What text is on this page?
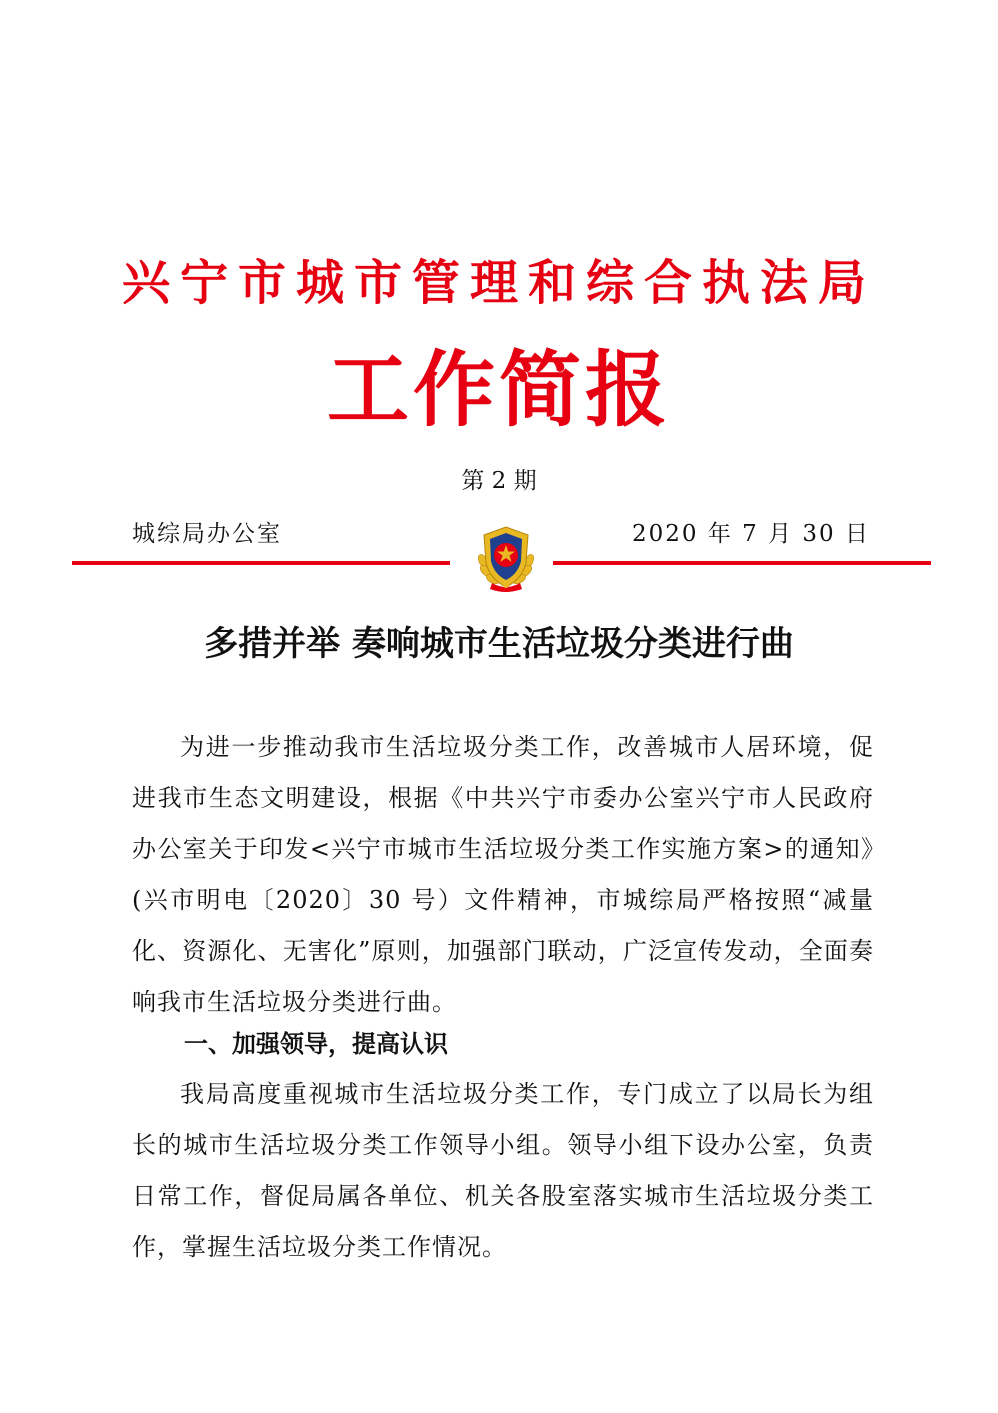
兴宁市城市管理和综合执法局
工作简报
第 2 期
城综局办公室	2020 年 7 月 30 日
多措并举 奏响城市生活垃圾分类进行曲
为进一步推动我市生活垃圾分类工作，改善城市人居环境，促进我市生态文明建设，根据《中共兴宁市委办公室兴宁市人民政府办公室关于印发<兴宁市城市生活垃圾分类工作实施方案>的通知》(兴市明电〔2020〕30 号）文件精神，市城综局严格按照“减量化、资源化、无害化”原则，加强部门联动，广泛宣传发动，全面奏响我市生活垃圾分类进行曲。
一、加强领导，提高认识
我局高度重视城市生活垃圾分类工作，专门成立了以局长为组长的城市生活垃圾分类工作领导小组。领导小组下设办公室，负责日常工作，督促局属各单位、机关各股室落实城市生活垃圾分类工作，掌握生活垃圾分类工作情况。
